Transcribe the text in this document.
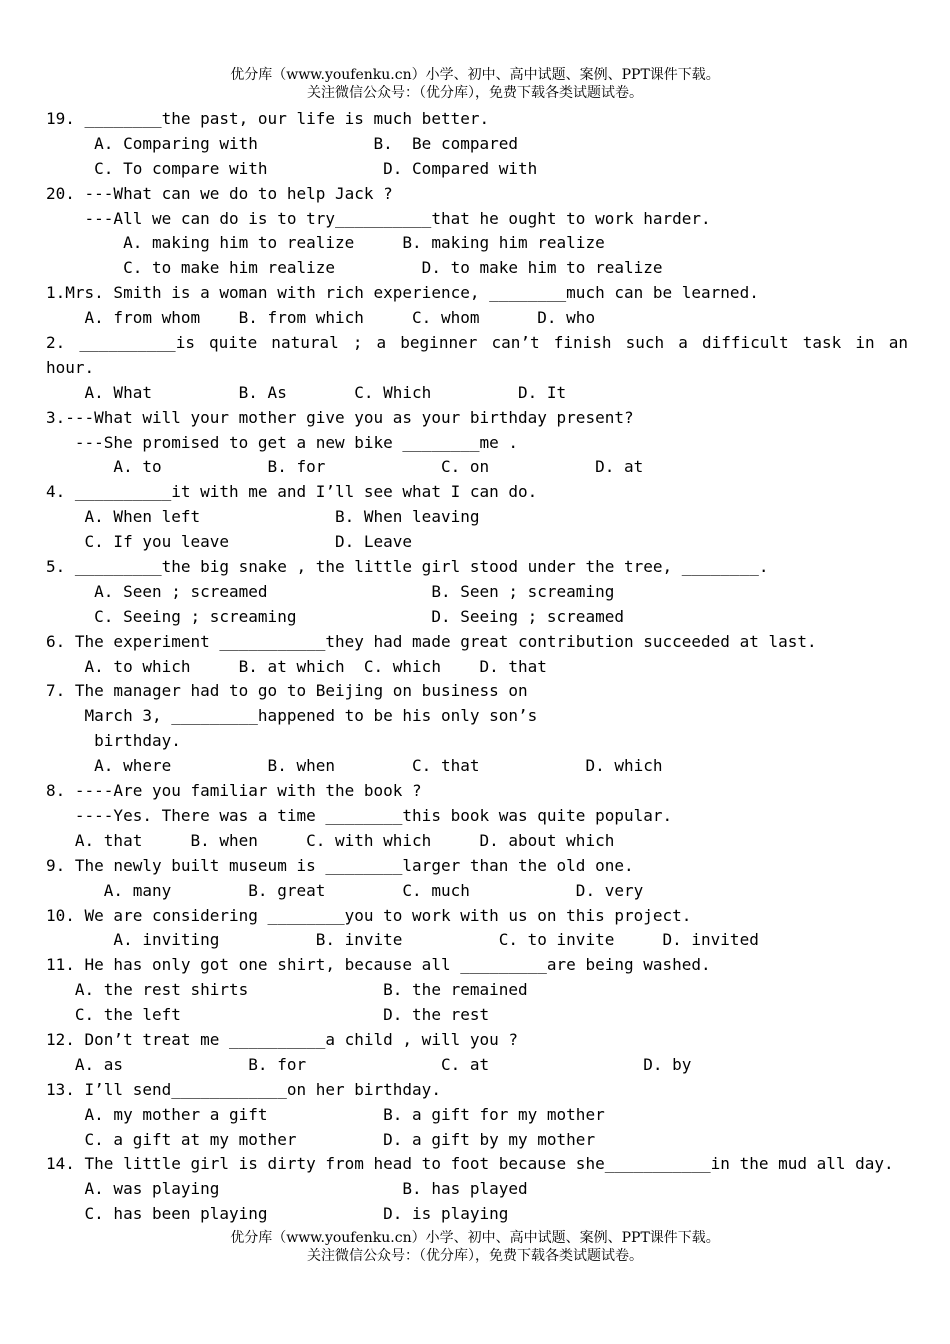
优分库（www.youfenku.cn）小学、初中、高中试题、案例、PPT课件下载。
关注微信公众号：（优分库），免费下载各类试题试卷。
19. ________the past, our life is much better.
A. Comparing with            B.  Be compared
C. To compare with            D. Compared with
20. ---What can we do to help Jack ?
---All we can do is to try__________that he ought to work harder.
A. making him to realize     B. making him realize
C. to make him realize         D. to make him to realize
1.Mrs. Smith is a woman with rich experience, ________much can be learned.
A. from whom    B. from which     C. whom      D. who
2. __________is quite natural ; a beginner can’t finish such a difficult task in an
hour.
A. What         B. As       C. Which         D. It
3.---What will your mother give you as your birthday present?
---She promised to get a new bike ________me .
A. to           B. for            C. on           D. at
4. __________it with me and I’ll see what I can do.
A. When left              B. When leaving
C. If you leave           D. Leave
5. _________the big snake , the little girl stood under the tree, ________.
A. Seen ; screamed                 B. Seen ; screaming
C. Seeing ; screaming              D. Seeing ; screamed
6. The experiment ___________they had made great contribution succeeded at last.
A. to which     B. at which  C. which    D. that
7. The manager had to go to Beijing on business on
March 3, _________happened to be his only son’s
birthday.
A. where          B. when        C. that           D. which
8. ----Are you familiar with the book ?
----Yes. There was a time ________this book was quite popular.
A. that     B. when     C. with which     D. about which
9. The newly built museum is ________larger than the old one.
A. many        B. great        C. much           D. very
10. We are considering ________you to work with us on this project.
A. inviting          B. invite          C. to invite     D. invited
11. He has only got one shirt, because all _________are being washed.
A. the rest shirts              B. the remained
C. the left                     D. the rest
12. Don’t treat me __________a child , will you ?
A. as             B. for              C. at                D. by
13. I’ll send____________on her birthday.
A. my mother a gift            B. a gift for my mother
C. a gift at my mother         D. a gift by my mother
14. The little girl is dirty from head to foot because she___________in the mud all day.
A. was playing                   B. has played
C. has been playing            D. is playing
优分库（www.youfenku.cn）小学、初中、高中试题、案例、PPT课件下载。
关注微信公众号：（优分库），免费下载各类试题试卷。
